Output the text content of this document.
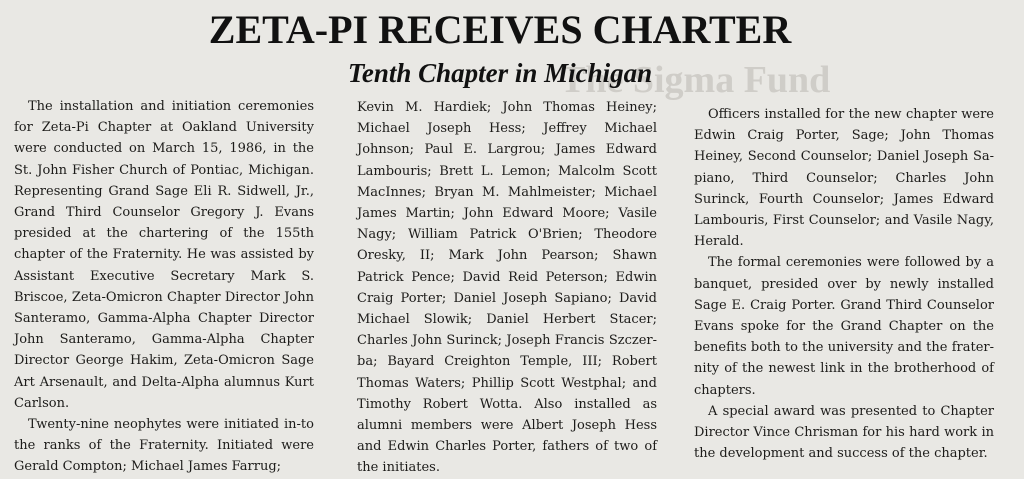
The Sigma Fund
ZETA-PI RECEIVES CHARTER
Tenth Chapter in Michigan

The installation and initiation ceremonies for Zeta-Pi Chapter at Oakland University were conducted on March 15, 1986, in the St. John Fisher Church of Pontiac, Michigan. Representing Grand Sage Eli R. Sidwell, Jr., Grand Third Counselor Gregory J. Evans presided at the chartering of the 155th chapter of the Fraternity. He was assisted by Assistant Executive Secretary Mark S. Briscoe, Zeta-Omicron Chapter Director John Santeramo, Gamma-Alpha Chapter Director John Santeramo, Gamma-Alpha Chapter Director George Hakim, Zeta-Omicron Sage Art Arsenault, and Delta-Alpha alumnus Kurt Carlson.

Twenty-nine neophytes were initiated in-to the ranks of the Fraternity. Initiated were Gerald Compton; Michael James Farrug;

Kevin M. Hardiek; John Thomas Heiney; Michael Joseph Hess; Jeffrey Michael Johnson; Paul E. Largrou; James Edward Lambouris; Brett L. Lemon; Malcolm Scott MacInnes; Bryan M. Mahlmeister; Michael James Martin; John Edward Moore; Vasile Nagy; William Patrick O'Brien; Theodore Oresky, II; Mark John Pearson; Shawn Patrick Pence; David Reid Peterson; Edwin Craig Porter; Daniel Joseph Sapiano; David Michael Slowik; Daniel Herbert Stacer; Charles John Surinck; Joseph Francis Szczer-ba; Bayard Creighton Temple, III; Robert Thomas Waters; Phillip Scott Westphal; and Timothy Robert Wotta. Also installed as alumni members were Albert Joseph Hess and Edwin Charles Porter, fathers of two of the initiates.

Officers installed for the new chapter were Edwin Craig Porter, Sage; John Thomas Heiney, Second Counselor; Daniel Joseph Sa-piano, Third Counselor; Charles John Surinck, Fourth Counselor; James Edward Lambouris, First Counselor; and Vasile Nagy, Herald.

The formal ceremonies were followed by a banquet, presided over by newly installed Sage E. Craig Porter. Grand Third Counselor Evans spoke for the Grand Chapter on the benefits both to the university and the frater-nity of the newest link in the brotherhood of chapters.

A special award was presented to Chapter Director Vince Chrisman for his hard work in the development and success of the chapter.
